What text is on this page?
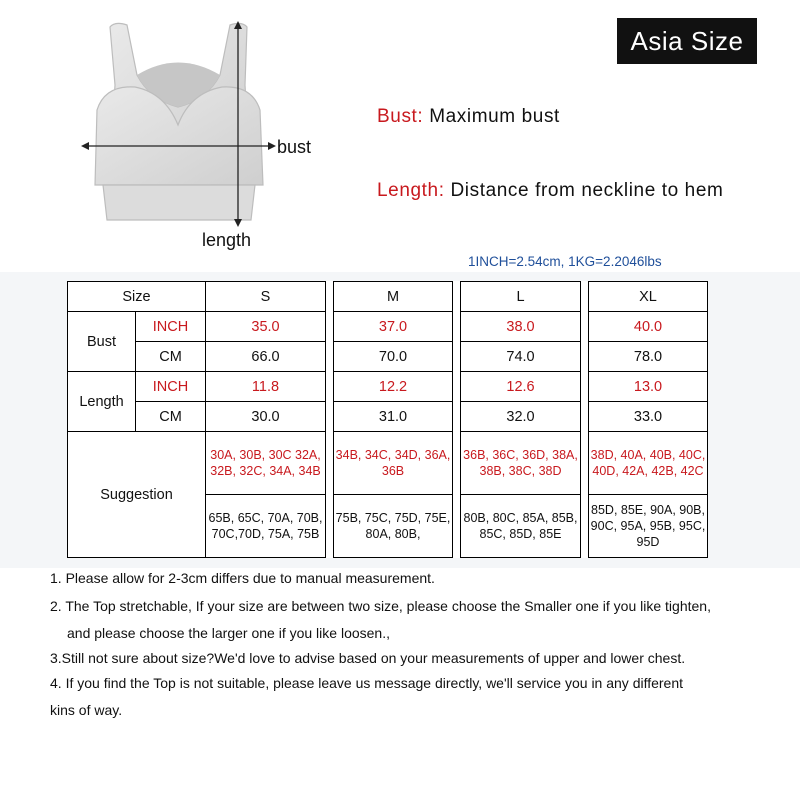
Asia Size
bust
length
Bust: Maximum bust
Length: Distance from neckline to hem
1INCH=2.54cm, 1KG=2.2046lbs
Size		S		M		L		XL
Bust	INCH	35.0		37.0		38.0		40.0
	CM	66.0		70.0		74.0		78.0
Length	INCH	11.8		12.2		12.6		13.0
	CM	30.0		31.0		32.0		33.0
Suggestion		30A, 30B, 30C 32A, 32B, 32C, 34A, 34B		34B, 34C, 34D, 36A, 36B		36B, 36C, 36D, 38A, 38B, 38C, 38D		38D, 40A, 40B, 40C, 40D, 42A, 42B, 42C
		65B, 65C, 70A, 70B, 70C,70D, 75A, 75B		75B, 75C, 75D, 75E, 80A, 80B,		80B, 80C, 85A, 85B, 85C, 85D, 85E		85D, 85E, 90A, 90B, 90C, 95A, 95B, 95C, 95D
1. Please allow for 2-3cm differs due to manual measurement.
2. The Top stretchable, If your size are between two size, please choose the Smaller one if you like tighten,
and please choose the larger one if you like loosen.,
3.Still not sure about size?We'd love to advise based on your measurements of upper and lower chest.
4. If you find the Top is not suitable, please leave us message directly, we'll service you in any different
kins of way.
